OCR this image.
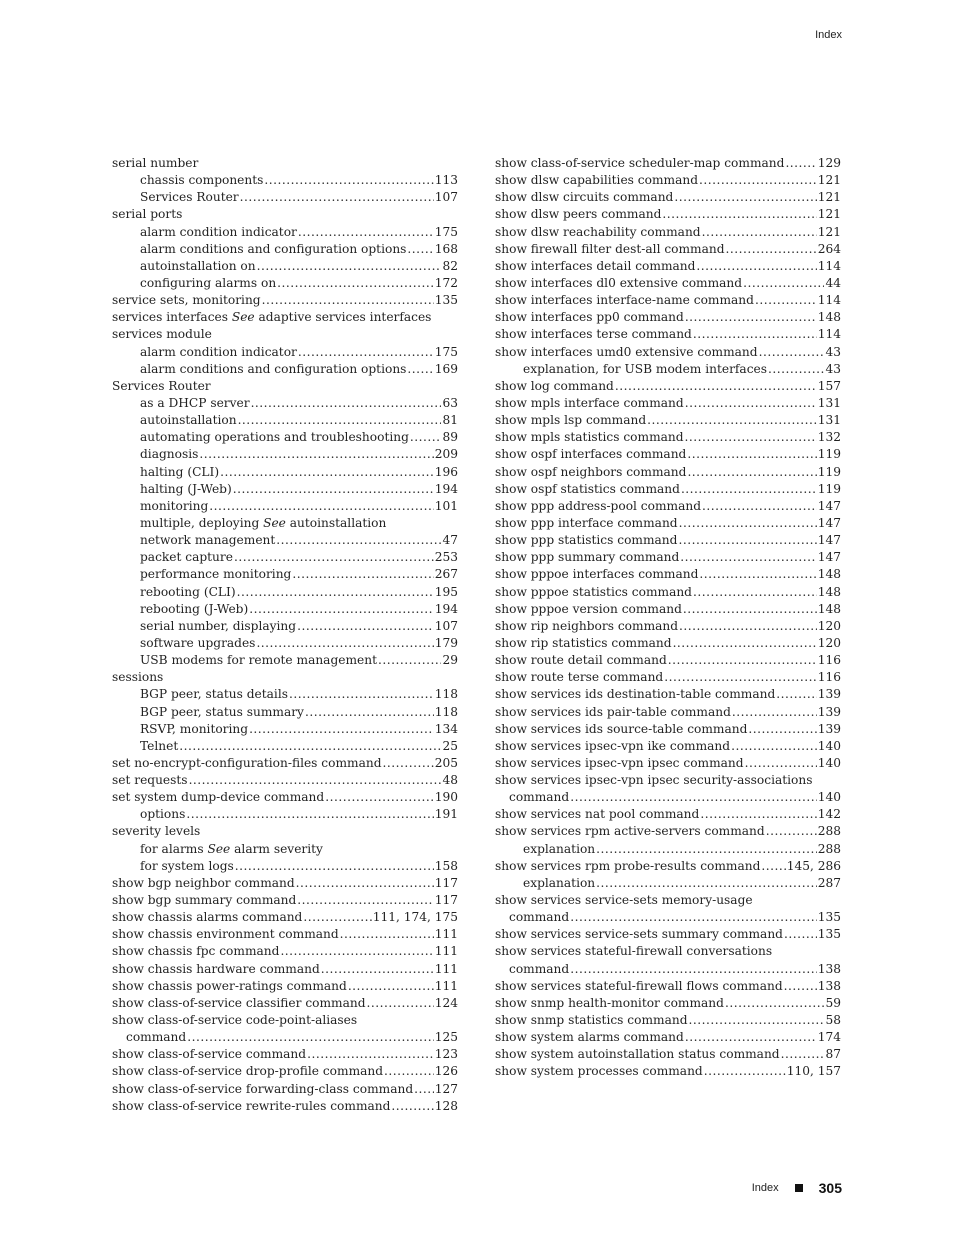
Index
serial number
chassis components .....	113
Services Router .....	107
serial ports
alarm condition indicator .....	175
alarm conditions and configuration options ..... 168
autoinstallation on .....	82
configuring alarms on .....	172
service sets, monitoring .....	135
services interfaces See adaptive services interfaces
services module
alarm condition indicator .....	175
alarm conditions and configuration options ..... 169
Services Router
as a DHCP server .....	63
autoinstallation .....	81
automating operations and troubleshooting .....	89
diagnosis .....	209
halting (CLI) .....	196
halting (J-Web) .....	194
monitoring .....	101
multiple, deploying See autoinstallation
network management .....	47
packet capture .....	253
performance monitoring .....	267
rebooting (CLI) .....	195
rebooting (J-Web) .....	194
serial number, displaying .....	107
software upgrades .....	179
USB modems for remote management .....	29
sessions
BGP peer, status details .....	118
BGP peer, status summary .....	118
RSVP, monitoring .....	134
Telnet .....	25
set no-encrypt-configuration-files command .....	205
set requests .....	48
set system dump-device command .....	190
options .....	191
severity levels
for alarms See alarm severity
for system logs .....	158
show bgp neighbor command .....	117
show bgp summary command .....	117
show chassis alarms command .....	111, 174, 175
show chassis environment command .....	111
show chassis fpc command .....	111
show chassis hardware command .....	111
show chassis power-ratings command .....	111
show class-of-service classifier command .....	124
show class-of-service code-point-aliases
command .....	125
show class-of-service command .....	123
show class-of-service drop-profile command .....	126
show class-of-service forwarding-class command ..... 127
show class-of-service rewrite-rules command .....	128
show class-of-service scheduler-map command .....	129
show dlsw capabilities command .....	121
show dlsw circuits command .....	121
show dlsw peers command .....	121
show dlsw reachability command .....	121
show firewall filter dest-all command .....	264
show interfaces detail command .....	114
show interfaces dl0 extensive command .....	44
show interfaces interface-name command .....	114
show interfaces pp0 command .....	148
show interfaces terse command .....	114
show interfaces umd0 extensive command .....	43
explanation, for USB modem interfaces .....	43
show log command .....	157
show mpls interface command .....	131
show mpls lsp command .....	131
show mpls statistics command .....	132
show ospf interfaces command .....	119
show ospf neighbors command .....	119
show ospf statistics command .....	119
show ppp address-pool command .....	147
show ppp interface command .....	147
show ppp statistics command .....	147
show ppp summary command .....	147
show pppoe interfaces command .....	148
show pppoe statistics command .....	148
show pppoe version command .....	148
show rip neighbors command .....	120
show rip statistics command .....	120
show route detail command .....	116
show route terse command .....	116
show services ids destination-table command .....	139
show services ids pair-table command .....	139
show services ids source-table command .....	139
show services ipsec-vpn ike command .....	140
show services ipsec-vpn ipsec command .....	140
show services ipsec-vpn ipsec security-associations
command .....	140
show services nat pool command .....	142
show services rpm active-servers command .....	288
explanation .....	288
show services rpm probe-results command ..... 145, 286
explanation .....	287
show services service-sets memory-usage
command .....	135
show services service-sets summary command .....	135
show services stateful-firewall conversations
command .....	138
show services stateful-firewall flows command .....	138
show snmp health-monitor command .....	59
show snmp statistics command .....	58
show system alarms command .....	174
show system autoinstallation status command .....	87
show system processes command .....	110, 157
Index	305
